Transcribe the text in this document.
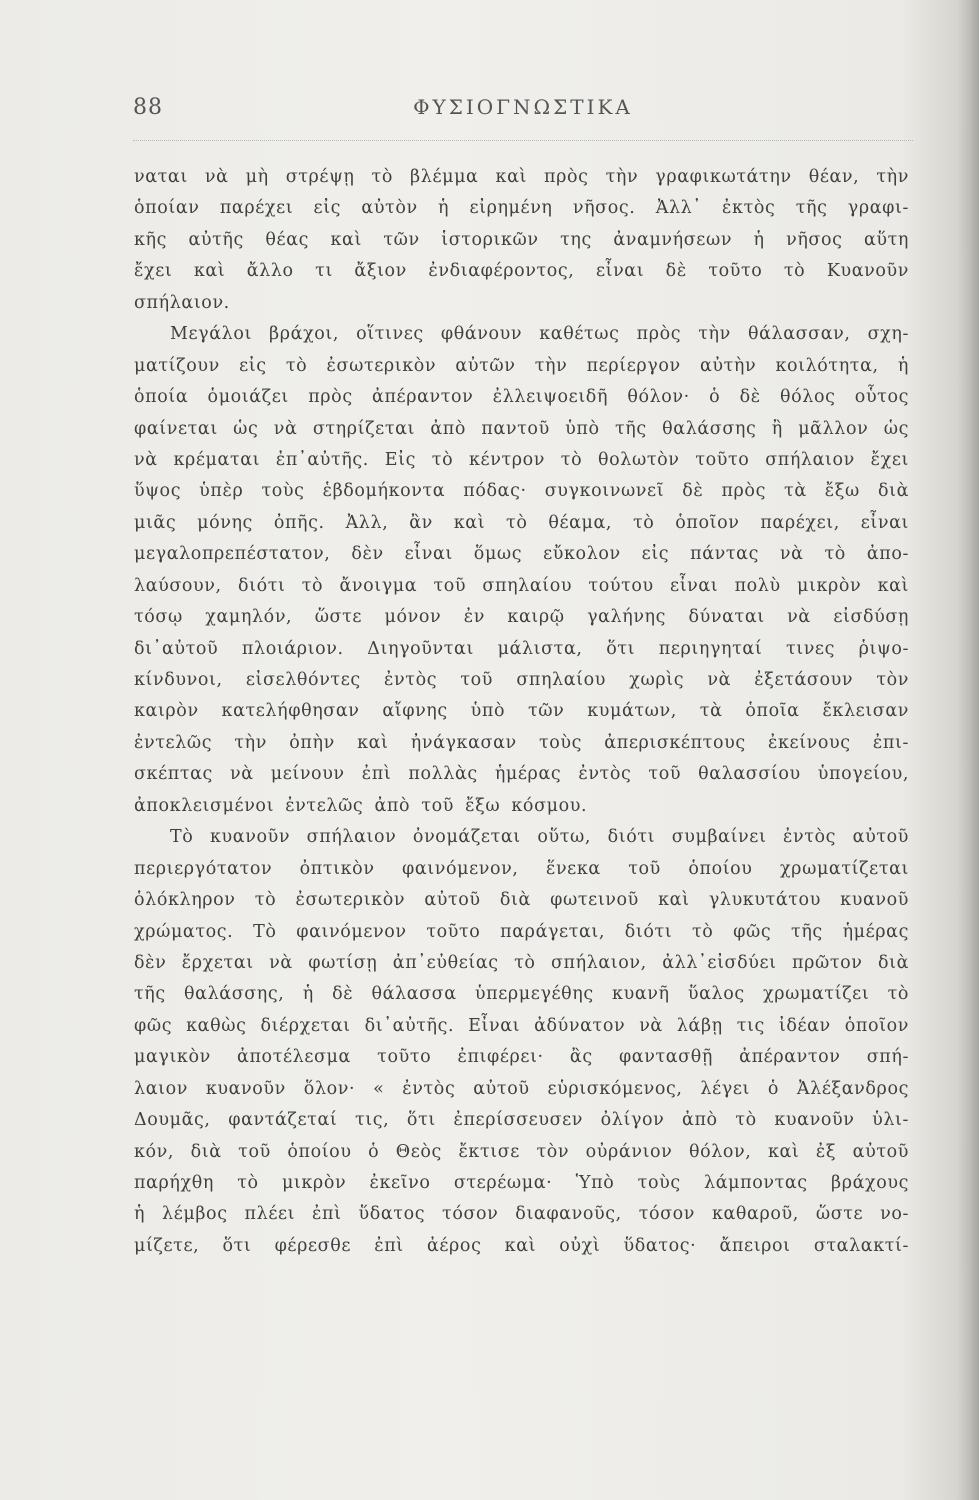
88	ΦΥΣΙΟΓΝΩΣΤΙΚΑ
ναται νὰ μὴ στρέψῃ τὸ βλέμμα καὶ πρὸς τὴν γραφικωτάτην θέαν, τὴν
ὁποίαν παρέχει εἰς αὐτὸν ἡ εἰρημένη νῆσος. Ἀλλ᾽ ἐκτὸς τῆς γραφι-
κῆς αὐτῆς θέας καὶ τῶν ἱστορικῶν της ἀναμνήσεων ἡ νῆσος αὕτη
ἔχει καὶ ἄλλο τι ἄξιον ἐνδιαφέροντος, εἶναι δὲ τοῦτο τὸ Κυανοῦν
σπήλαιον.
Μεγάλοι βράχοι, οἵτινες φθάνουν καθέτως πρὸς τὴν θάλασσαν, σχη-
ματίζουν εἰς τὸ ἐσωτερικὸν αὐτῶν τὴν περίεργον αὐτὴν κοιλότητα, ἡ
ὁποία ὁμοιάζει πρὸς ἀπέραντον ἐλλειψοειδῆ θόλον· ὁ δὲ θόλος οὗτος
φαίνεται ὡς νὰ στηρίζεται ἀπὸ παντοῦ ὑπὸ τῆς θαλάσσης ἢ μᾶλλον ὡς
νὰ κρέμαται ἐπ᾽αὐτῆς. Εἰς τὸ κέντρον τὸ θολωτὸν τοῦτο σπήλαιον ἔχει
ὕψος ὑπὲρ τοὺς ἑβδομήκοντα πόδας· συγκοινωνεῖ δὲ πρὸς τὰ ἔξω διὰ
μιᾶς μόνης ὀπῆς. Ἀλλ, ἂν καὶ τὸ θέαμα, τὸ ὁποῖον παρέχει, εἶναι
μεγαλοπρεπέστατον, δὲν εἶναι ὅμως εὔκολον εἰς πάντας νὰ τὸ ἀπο-
λαύσουν, διότι τὸ ἄνοιγμα τοῦ σπηλαίου τούτου εἶναι πολὺ μικρὸν καὶ
τόσῳ χαμηλόν, ὥστε μόνον ἐν καιρῷ γαλήνης δύναται νὰ εἰσδύσῃ
δι᾽αὐτοῦ πλοιάριον. Διηγοῦνται μάλιστα, ὅτι περιηγηταί τινες ῥιψο-
κίνδυνοι, εἰσελθόντες ἐντὸς τοῦ σπηλαίου χωρὶς νὰ ἐξετάσουν τὸν
καιρὸν κατελήφθησαν αἴφνης ὑπὸ τῶν κυμάτων, τὰ ὁποῖα ἔκλεισαν
ἐντελῶς τὴν ὀπὴν καὶ ἠνάγκασαν τοὺς ἀπερισκέπτους ἐκείνους ἐπι-
σκέπτας νὰ μείνουν ἐπὶ πολλὰς ἡμέρας ἐντὸς τοῦ θαλασσίου ὑπογείου,
ἀποκλεισμένοι ἐντελῶς ἀπὸ τοῦ ἔξω κόσμου.
Τὸ κυανοῦν σπήλαιον ὀνομάζεται οὕτω, διότι συμβαίνει ἐντὸς αὐτοῦ
περιεργότατον ὀπτικὸν φαινόμενον, ἕνεκα τοῦ ὁποίου χρωματίζεται
ὁλόκληρον τὸ ἐσωτερικὸν αὐτοῦ διὰ φωτεινοῦ καὶ γλυκυτάτου κυανοῦ
χρώματος. Τὸ φαινόμενον τοῦτο παράγεται, διότι τὸ φῶς τῆς ἡμέρας
δὲν ἔρχεται νὰ φωτίσῃ ἀπ᾽εὐθείας τὸ σπήλαιον, ἀλλ᾽εἰσδύει πρῶτον διὰ
τῆς θαλάσσης, ἡ δὲ θάλασσα ὑπερμεγέθης κυανῆ ὕαλος χρωματίζει τὸ
φῶς καθὼς διέρχεται δι᾽αὐτῆς. Εἶναι ἀδύνατον νὰ λάβῃ τις ἰδέαν ὁποῖον
μαγικὸν ἀποτέλεσμα τοῦτο ἐπιφέρει· ἂς φαντασθῇ ἀπέραντον σπή-
λαιον κυανοῦν ὅλον· « ἐντὸς αὐτοῦ εὑρισκόμενος, λέγει ὁ Ἀλέξανδρος
Δουμᾶς, φαντάζεταί τις, ὅτι ἐπερίσσευσεν ὀλίγον ἀπὸ τὸ κυανοῦν ὑλι-
κόν, διὰ τοῦ ὁποίου ὁ Θεὸς ἔκτισε τὸν οὐράνιον θόλον, καὶ ἐξ αὐτοῦ
παρήχθη τὸ μικρὸν ἐκεῖνο στερέωμα· Ὑπὸ τοὺς λάμποντας βράχους
ἡ λέμβος πλέει ἐπὶ ὕδατος τόσον διαφανοῦς, τόσον καθαροῦ, ὥστε νο-
μίζετε, ὅτι φέρεσθε ἐπὶ ἀέρος καὶ οὐχὶ ὕδατος· ἄπειροι σταλακτί-
